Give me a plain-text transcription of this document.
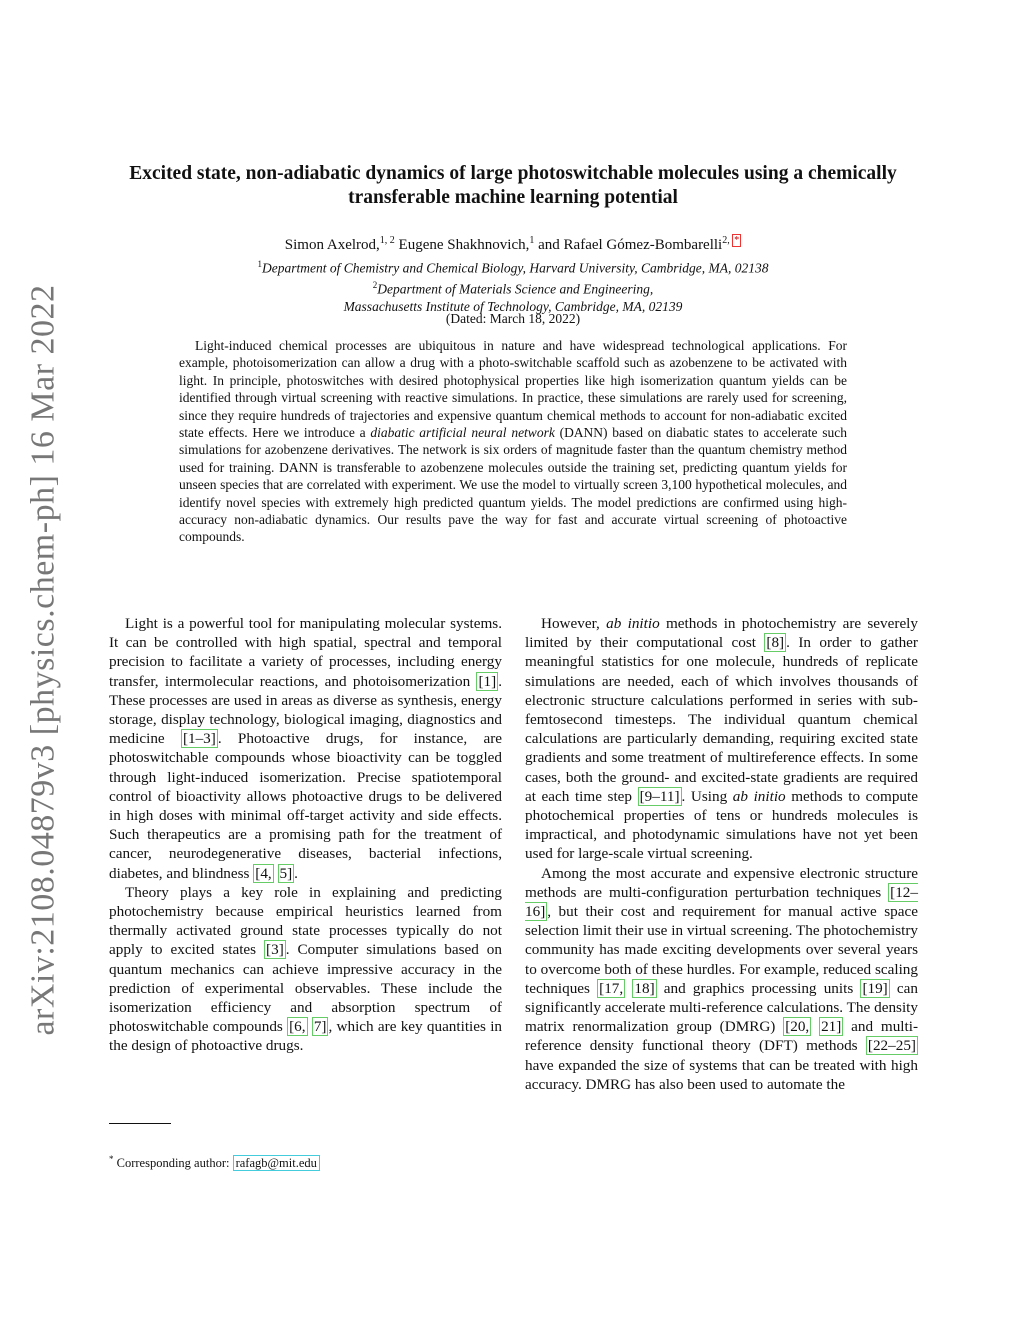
arXiv:2108.04879v3 [physics.chem-ph] 16 Mar 2022
Excited state, non-adiabatic dynamics of large photoswitchable molecules using a chemically transferable machine learning potential
Simon Axelrod,$^{1, 2}$ Eugene Shakhnovich,$^1$ and Rafael Gómez-Bombarelli$^{2, *}$
$^1$Department of Chemistry and Chemical Biology, Harvard University, Cambridge, MA, 02138
$^2$Department of Materials Science and Engineering,
Massachusetts Institute of Technology, Cambridge, MA, 02139
(Dated: March 18, 2022)

Light-induced chemical processes are ubiquitous in nature and have widespread technological applications. For example, photoisomerization can allow a drug with a photo-switchable scaffold such as azobenzene to be activated with light. In principle, photoswitches with desired photophysical properties like high isomerization quantum yields can be identified through virtual screening with reactive simulations. In practice, these simulations are rarely used for screening, since they require hundreds of trajectories and expensive quantum chemical methods to account for non-adiabatic excited state effects. Here we introduce a diabatic artificial neural network (DANN) based on diabatic states to accelerate such simulations for azobenzene derivatives. The network is six orders of magnitude faster than the quantum chemistry method used for training. DANN is transferable to azobenzene molecules outside the training set, predicting quantum yields for unseen species that are correlated with experiment. We use the model to virtually screen 3,100 hypothetical molecules, and identify novel species with extremely high predicted quantum yields. The model predictions are confirmed using high-accuracy non-adiabatic dynamics. Our results pave the way for fast and accurate virtual screening of photoactive compounds.

Light is a powerful tool for manipulating molecular systems. It can be controlled with high spatial, spectral and temporal precision to facilitate a variety of processes, including energy transfer, intermolecular reactions, and photoisomerization [1] . These processes are used in areas as diverse as synthesis, energy storage, display technology, biological imaging, diagnostics and medicine [1–3] . Photoactive drugs, for instance, are photoswitchable compounds whose bioactivity can be toggled through light-induced isomerization. Precise spatiotemporal control of bioactivity allows photoactive drugs to be delivered in high doses with minimal off-target activity and side effects. Such therapeutics are a promising path for the treatment of cancer, neurodegenerative diseases, bacterial infections, diabetes, and blindness [4, 5] .

Theory plays a key role in explaining and predicting photochemistry because empirical heuristics learned from thermally activated ground state processes typically do not apply to excited states [3] . Computer simulations based on quantum mechanics can achieve impressive accuracy in the prediction of experimental observables. These include the isomerization efficiency and absorption spectrum of photoswitchable compounds [6, 7] , which are key quantities in the design of photoactive drugs.

However, ab initio methods in photochemistry are severely limited by their computational cost [8] . In order to gather meaningful statistics for one molecule, hundreds of replicate simulations are needed, each of which involves thousands of electronic structure calculations performed in series with sub-femtosecond timesteps. The individual quantum chemical calculations are particularly demanding, requiring excited state gradients and some treatment of multireference effects. In some cases, both the ground- and excited-state gradients are required at each time step [9–11] . Using ab initio methods to compute photochemical properties of tens or hundreds molecules is impractical, and photodynamic simulations have not yet been used for large-scale virtual screening.

Among the most accurate and expensive electronic structure methods are multi-configuration perturbation techniques [12–16] , but their cost and requirement for manual active space selection limit their use in virtual screening. The photochemistry community has made exciting developments over several years to overcome both of these hurdles. For example, reduced scaling techniques [17, 18] and graphics processing units [19] can significantly accelerate multi-reference calculations. The density matrix renormalization group (DMRG) [20, 21] and multi-reference density functional theory (DFT) methods [22–25] have expanded the size of systems that can be treated with high accuracy. DMRG has also been used to automate the

* Corresponding author: rafagb@mit.edu
